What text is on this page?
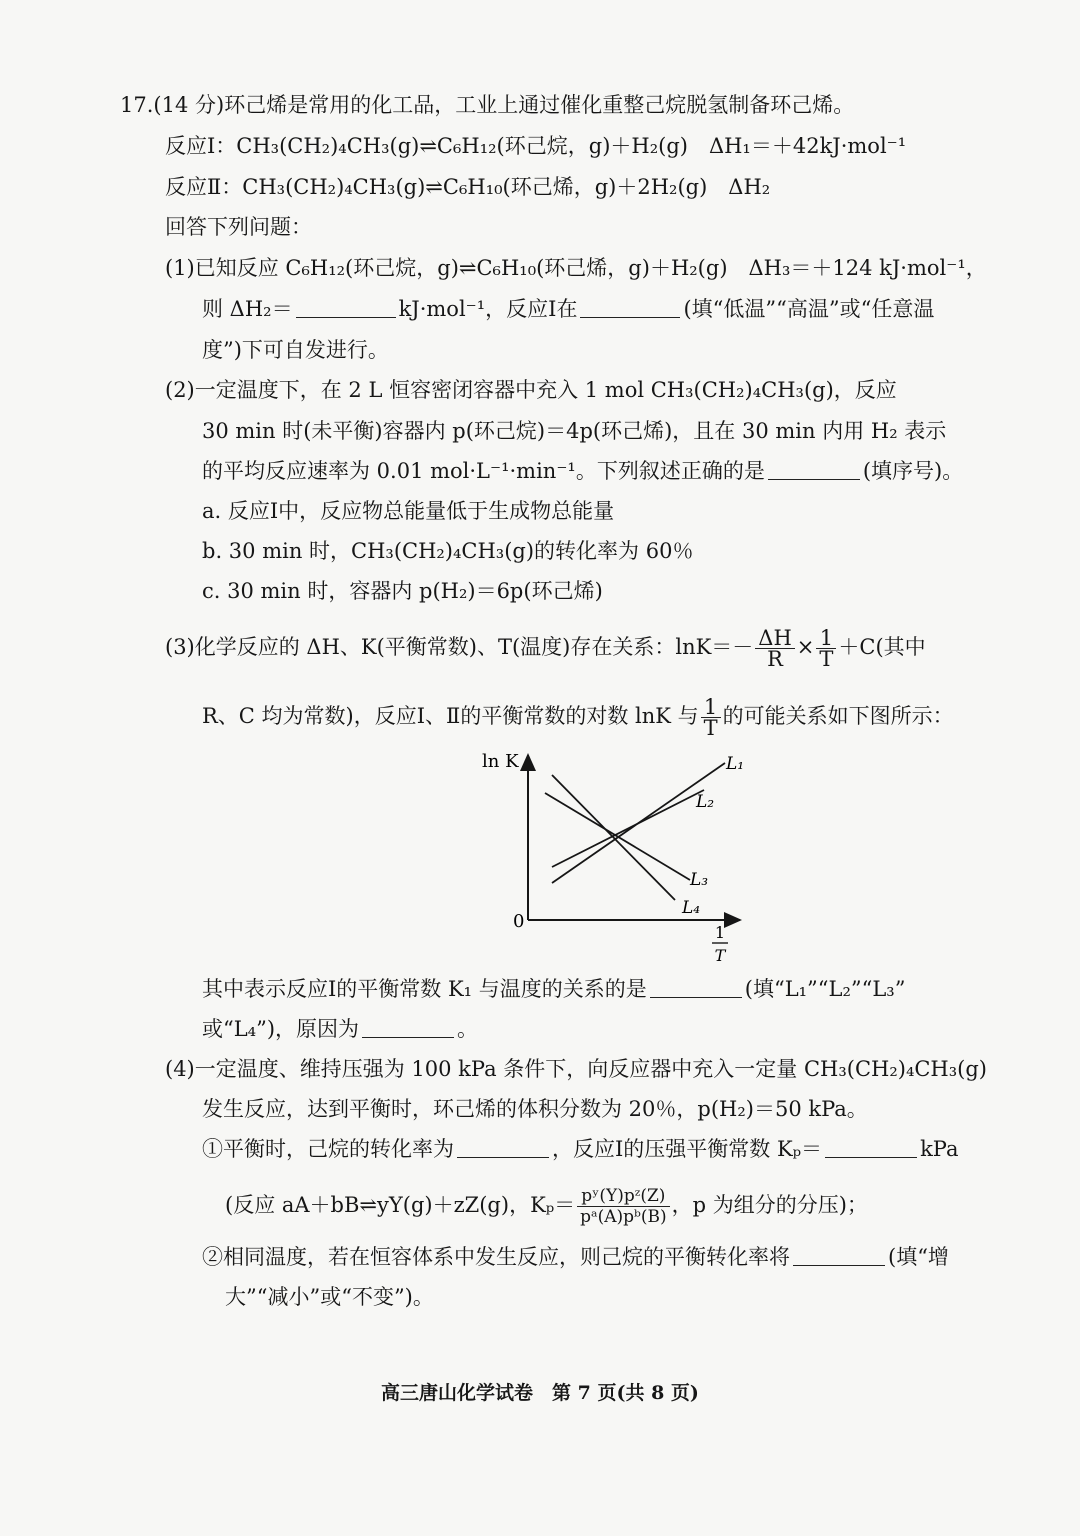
17.(14 分)环己烯是常用的化工品，工业上通过催化重整己烷脱氢制备环己烯。
反应Ⅰ：CH₃(CH₂)₄CH₃(g)⇌C₆H₁₂(环己烷，g)＋H₂(g)　ΔH₁＝＋42kJ·mol⁻¹
反应Ⅱ：CH₃(CH₂)₄CH₃(g)⇌C₆H₁₀(环己烯，g)＋2H₂(g)　ΔH₂
回答下列问题：
(1)已知反应 C₆H₁₂(环己烷，g)⇌C₆H₁₀(环己烯，g)＋H₂(g)　ΔH₃＝＋124 kJ·mol⁻¹，
则 ΔH₂＝	kJ·mol⁻¹，反应Ⅰ在	(填“低温”“高温”或“任意温
度”)下可自发进行。
(2)一定温度下，在 2 L 恒容密闭容器中充入 1 mol CH₃(CH₂)₄CH₃(g)，反应
30 min 时(未平衡)容器内 p(环己烷)＝4p(环己烯)，且在 30 min 内用 H₂ 表示
的平均反应速率为 0.01 mol·L⁻¹·min⁻¹。下列叙述正确的是	(填序号)。
a. 反应Ⅰ中，反应物总能量低于生成物总能量
b. 30 min 时，CH₃(CH₂)₄CH₃(g)的转化率为 60％
c. 30 min 时，容器内 p(H₂)＝6p(环己烯)
(3)化学反应的 ΔH、K(平衡常数)、T(温度)存在关系：$\ln K=- \frac{\Delta H}{R} \times \frac{1}{T} +C$(其中
R、C 均为常数)，反应Ⅰ、Ⅱ的平衡常数的对数 lnK 与 $\frac{1}{T}$ 的可能关系如下图所示：
ln K
0
1
T
L₁
L₂
L₃
L₄
其中表示反应Ⅰ的平衡常数 K₁ 与温度的关系的是	(填“L₁”“L₂”“L₃”
或“L₄”)，原因为	。
(4)一定温度、维持压强为 100 kPa 条件下，向反应器中充入一定量 CH₃(CH₂)₄CH₃(g)
发生反应，达到平衡时，环己烯的体积分数为 20％，p(H₂)＝50 kPa。
①平衡时，己烷的转化率为	，反应Ⅰ的压强平衡常数 Kₚ＝	kPa
(反应 aA＋bB⇌yY(g)＋zZ(g)，$K_p= \frac{\text{pʸ(Y)pᶻ(Z)}}{\text{pᵃ(A)pᵇ(B)}}$ ，p 为组分的分压)；
②相同温度，若在恒容体系中发生反应，则己烷的平衡转化率将	(填“增
大”“减小”或“不变”)。
高三唐山化学试卷　第 7 页(共 8 页)
